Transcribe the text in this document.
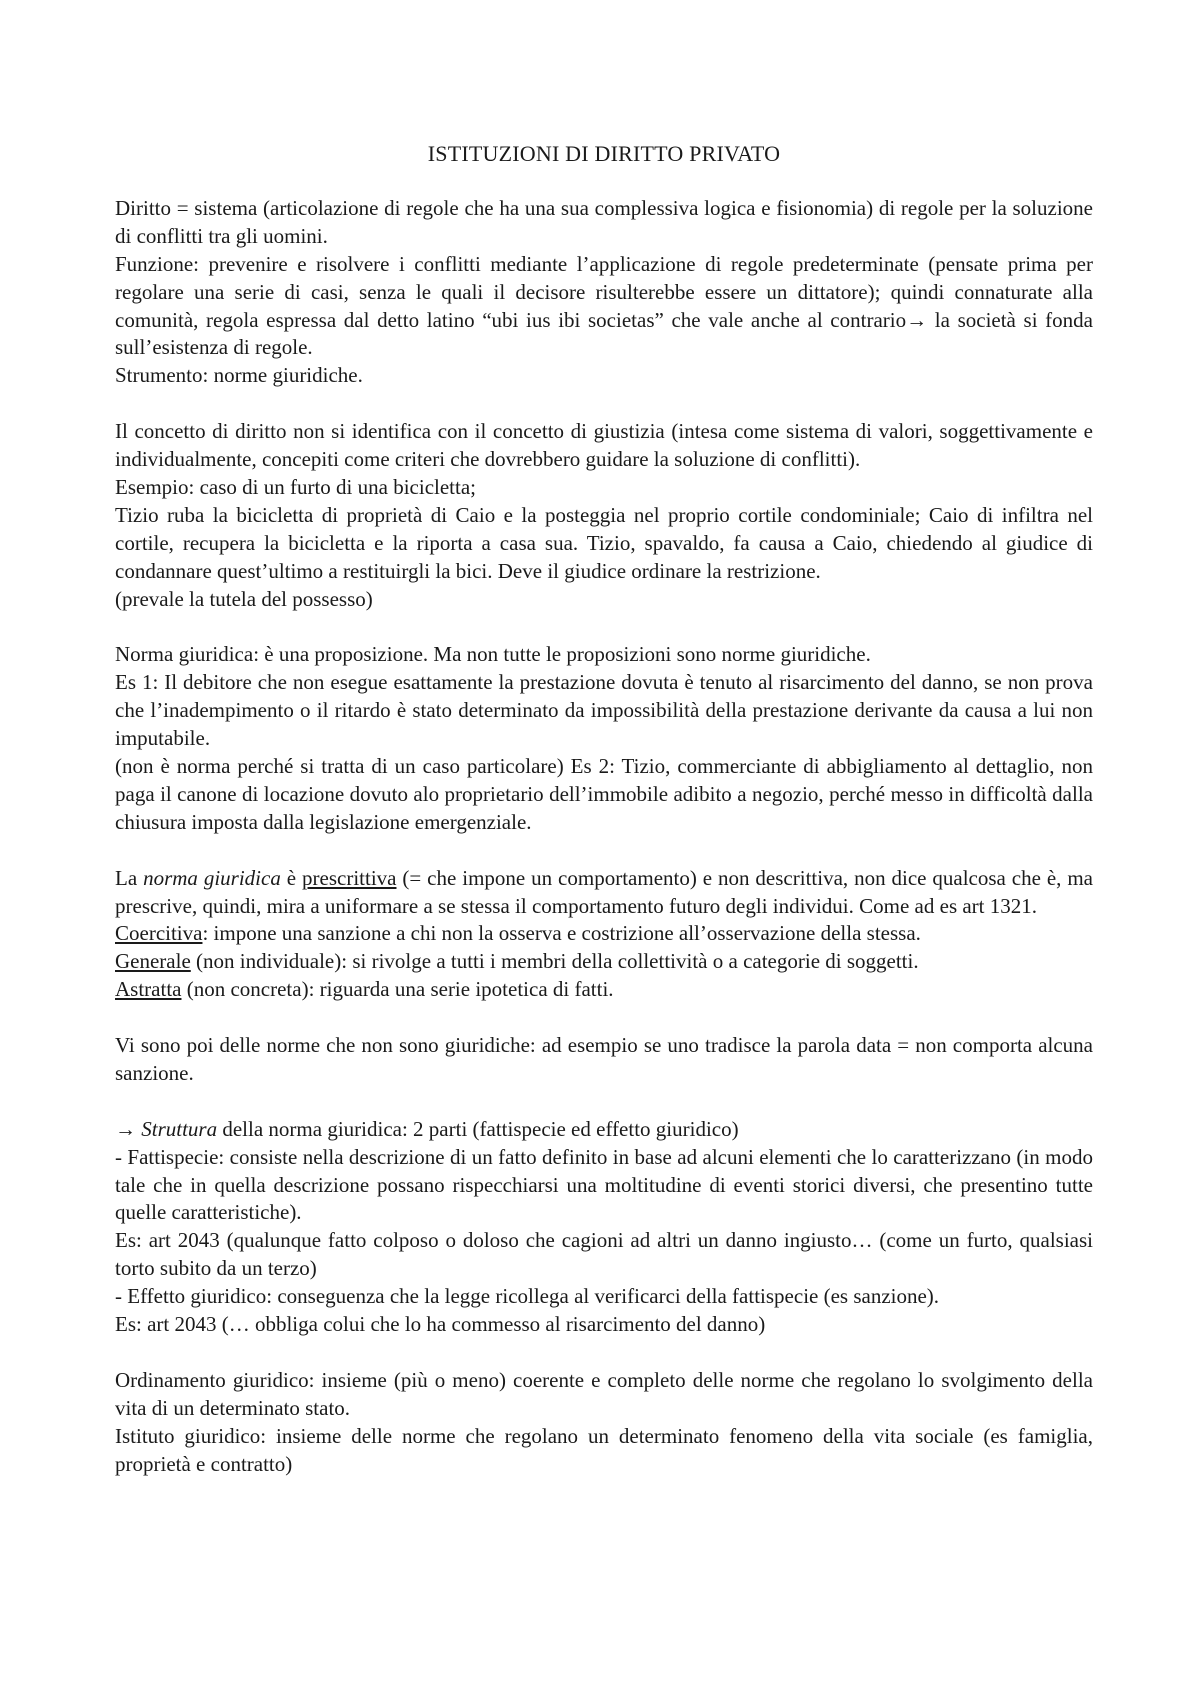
ISTITUZIONI DI DIRITTO PRIVATO

Diritto = sistema (articolazione di regole che ha una sua complessiva logica e fisionomia) di regole per la soluzione di conflitti tra gli uomini.

Funzione: prevenire e risolvere i conflitti mediante l’applicazione di regole predeterminate (pensate prima per regolare una serie di casi, senza le quali il decisore risulterebbe essere un dittatore); quindi connaturate alla comunità, regola espressa dal detto latino “ubi ius ibi societas” che vale anche al contrario→ la società si fonda sull’esistenza di regole.

Strumento: norme giuridiche.

Il concetto di diritto non si identifica con il concetto di giustizia (intesa come sistema di valori, soggettivamente e individualmente, concepiti come criteri che dovrebbero guidare la soluzione di conflitti).

Esempio: caso di un furto di una bicicletta;

Tizio ruba la bicicletta di proprietà di Caio e la posteggia nel proprio cortile condominiale; Caio di infiltra nel cortile, recupera la bicicletta e la riporta a casa sua. Tizio, spavaldo, fa causa a Caio, chiedendo al giudice di condannare quest’ultimo a restituirgli la bici. Deve il giudice ordinare la restrizione.

(prevale la tutela del possesso)

Norma giuridica: è una proposizione. Ma non tutte le proposizioni sono norme giuridiche.

Es 1: Il debitore che non esegue esattamente la prestazione dovuta è tenuto al risarcimento del danno, se non prova che l’inadempimento o il ritardo è stato determinato da impossibilità della prestazione derivante da causa a lui non imputabile.

(non è norma perché si tratta di un caso particolare) Es 2: Tizio, commerciante di abbigliamento al dettaglio, non paga il canone di locazione dovuto alo proprietario dell’immobile adibito a negozio, perché messo in difficoltà dalla chiusura imposta dalla legislazione emergenziale.

La norma giuridica è prescrittiva (= che impone un comportamento) e non descrittiva, non dice qualcosa che è, ma prescrive, quindi, mira a uniformare a se stessa il comportamento futuro degli individui. Come ad es art 1321.

Coercitiva: impone una sanzione a chi non la osserva e costrizione all’osservazione della stessa.

Generale (non individuale): si rivolge a tutti i membri della collettività o a categorie di soggetti.

Astratta (non concreta): riguarda una serie ipotetica di fatti.

Vi sono poi delle norme che non sono giuridiche: ad esempio se uno tradisce la parola data = non comporta alcuna sanzione.

→ Struttura della norma giuridica: 2 parti (fattispecie ed effetto giuridico)

- Fattispecie: consiste nella descrizione di un fatto definito in base ad alcuni elementi che lo caratterizzano (in modo tale che in quella descrizione possano rispecchiarsi una moltitudine di eventi storici diversi, che presentino tutte quelle caratteristiche).

Es: art 2043 (qualunque fatto colposo o doloso che cagioni ad altri un danno ingiusto… (come un furto, qualsiasi torto subito da un terzo)

- Effetto giuridico: conseguenza che la legge ricollega al verificarci della fattispecie (es sanzione).

Es: art 2043 (… obbliga colui che lo ha commesso al risarcimento del danno)

Ordinamento giuridico: insieme (più o meno) coerente e completo delle norme che regolano lo svolgimento della vita di un determinato stato.

Istituto giuridico: insieme delle norme che regolano un determinato fenomeno della vita sociale (es famiglia, proprietà e contratto)
